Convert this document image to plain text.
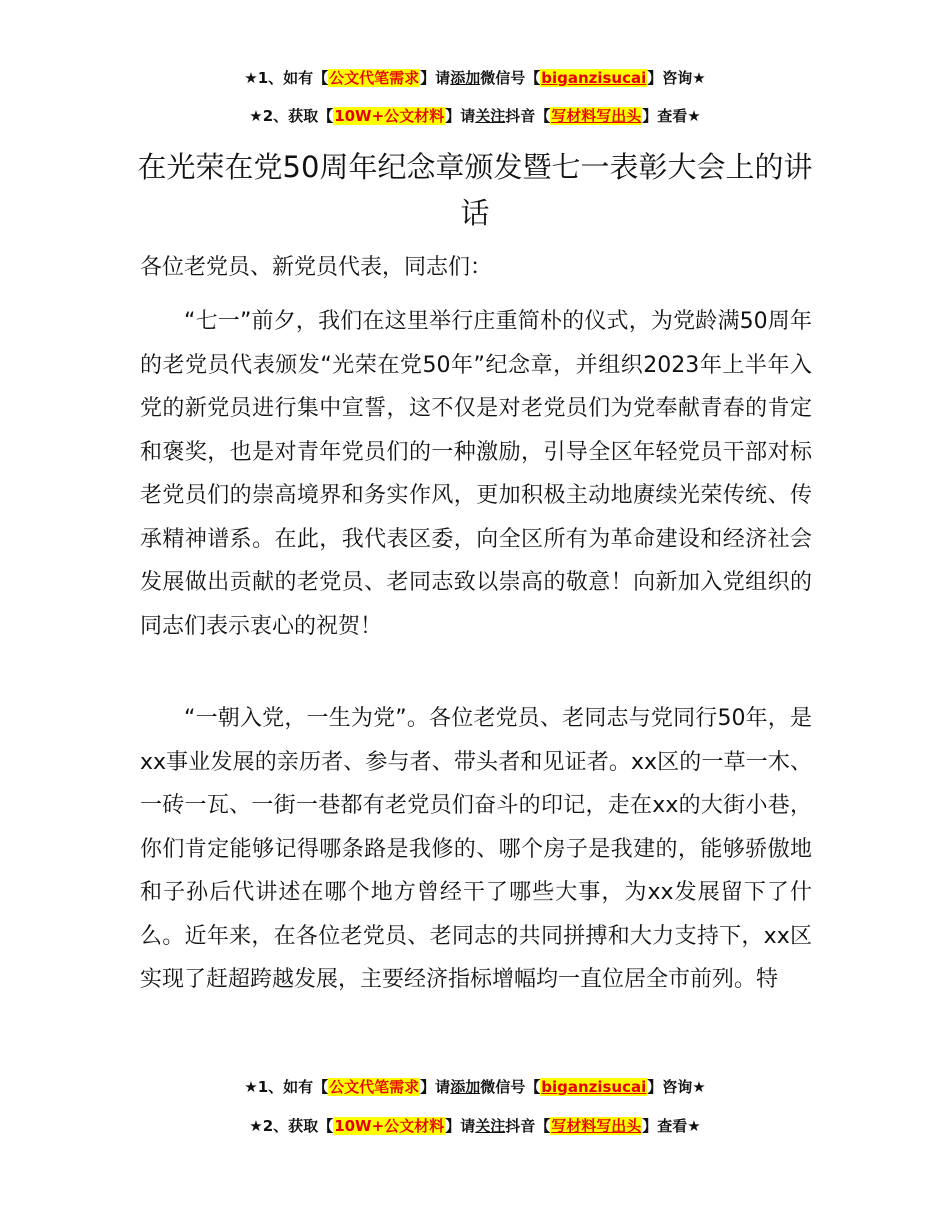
★1、如有【公文代笔需求】请添加微信号【biganzisucai】咨询★
★2、获取【10W+公文材料】请关注抖音【写材料写出头】查看★
在光荣在党50周年纪念章颁发暨七一表彰大会上的讲话
各位老党员、新党员代表，同志们：
“七一”前夕，我们在这里举行庄重简朴的仪式，为党龄满50周年的老党员代表颁发“光荣在党50年”纪念章，并组织2023年上半年入党的新党员进行集中宣誓，这不仅是对老党员们为党奉献青春的肯定和褒奖，也是对青年党员们的一种激励，引导全区年轻党员干部对标老党员们的崇高境界和务实作风，更加积极主动地赓续光荣传统、传承精神谱系。在此，我代表区委，向全区所有为革命建设和经济社会发展做出贡献的老党员、老同志致以崇高的敬意！向新加入党组织的同志们表示衷心的祝贺！
“一朝入党，一生为党”。各位老党员、老同志与党同行50年，是xx事业发展的亲历者、参与者、带头者和见证者。xx区的一草一木、一砖一瓦、一街一巷都有老党员们奋斗的印记，走在xx的大街小巷，你们肯定能够记得哪条路是我修的、哪个房子是我建的，能够骄傲地和子孙后代讲述在哪个地方曾经干了哪些大事，为xx发展留下了什么。近年来，在各位老党员、老同志的共同拼搏和大力支持下，xx区实现了赶超跨越发展，主要经济指标增幅均一直位居全市前列。特
★1、如有【公文代笔需求】请添加微信号【biganzisucai】咨询★
★2、获取【10W+公文材料】请关注抖音【写材料写出头】查看★
